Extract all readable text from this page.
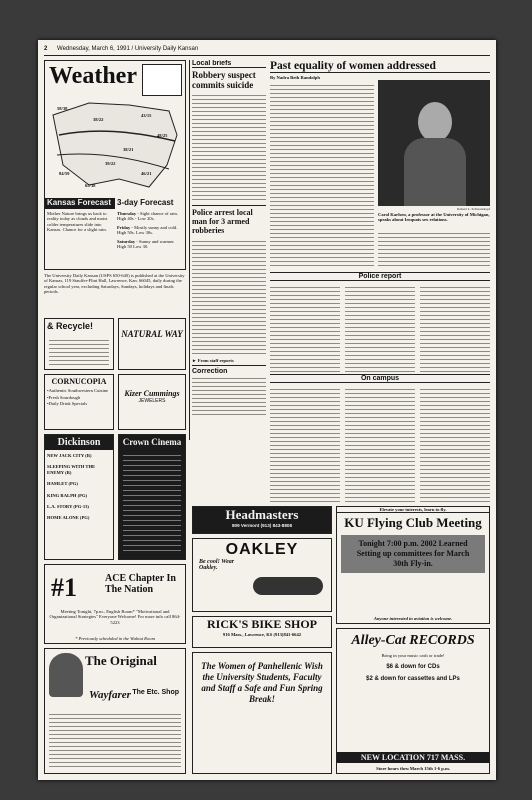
2 Wednesday, March 6, 1991 / University Daily Kansan
Weather
58/38
38/22
43/15
48/25
84/59
39/22
38/21
46/21
65/38
Kansas Forecast 3-day Forecast
Mother Nature brings us back to reality today as clouds and moist colder temperatures slide into Kansas. Chance for a slight rain.
Thursday - Sight chance of rain. High 40s - Low 20s.
Friday - Mostly sunny and cold. High 50s. Low 30s.
Saturday - Sunny and warmer. High 50 Low 30.
The University Daily Kansan (USPS 650-640) is published at the University of Kansas, 119 Stauffer-Flint Hall, Lawrence, Kan. 66045, daily during the regular school year, excluding Saturdays, Sundays, holidays and finals periods.
& Recycle!
NATURAL WAY
CORNUCOPIA
•Authentic Southwestern Cuisine
•Fresh Sourdough
•Daily Drink Specials
Kizer Cummings
JEWELERS
Dickinson
NEW JACK CITY (R)
SLEEPING WITH THE ENEMY (R)
HAMLET (PG)
KING RALPH (PG)
L.A. STORY (PG-13)
HOME ALONE (PG)
Crown Cinema
#1	ACE Chapter In The Nation
Meeting Tonight, 7p.m., English Room* "Motivational and Organizational Strategies" Everyone Welcome! For more info call 864-5223
* Previously scheduled in the Walnut Room
The Original
Wayfarer The Etc. Shop
Local briefs
Robbery suspect commits suicide
Police arrest local man for 3 armed robberies
► From staff reports
Correction
Past equality of women addressed
By Nadra Beth Randolph
Robert L. Schwarzkopf
Carol Karlsen, a professor at the University of Michigan, speaks about Iroquois sex relations.
Police report
On campus
Headmasters
809 Vermont (913) 843-8808
OAKLEY
Be cool! Wear Oakley.
RICK'S BIKE SHOP
916 Mass., Lawrence, KS (913)841-6642
The Women of Panhellenic Wish the University Students, Faculty and Staff a Safe and Fun Spring Break!
Elevate your interests, learn to fly.
KU Flying Club Meeting
Tonight 7:00 p.m. 2002 Learned Setting up committees for March 30th Fly-in.
Anyone interested in aviation is welcome.
Alley-Cat RECORDS
Bring in your music cash or trade!
$6 & down for CDs
$2 & down for cassettes and LPs
NEW LOCATION 717 MASS.
Store hours thru March 15th 1-6 p.m.
